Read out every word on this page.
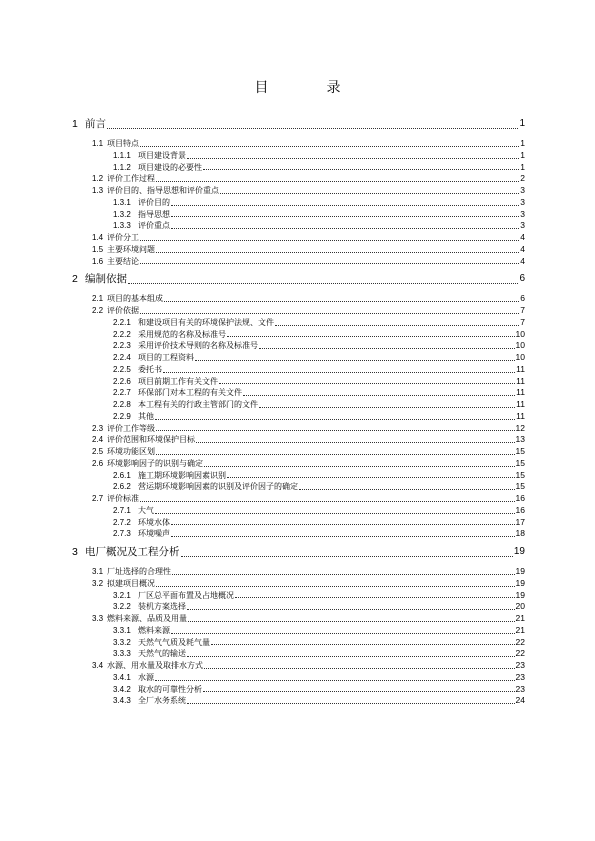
目　录
1 前言	1
1.1 项目特点	1
1.1.1 项目建设背景	1
1.1.2 项目建设的必要性	1
1.2 评价工作过程	2
1.3 评价目的、指导思想和评价重点	3
1.3.1 评价目的	3
1.3.2 指导思想	3
1.3.3 评价重点	3
1.4 评价分工	4
1.5 主要环境问题	4
1.6 主要结论	4
2 编制依据	6
2.1 项目的基本组成	6
2.2 评价依据	7
2.2.1 和建设项目有关的环境保护法规、文件	7
2.2.2 采用规范的名称及标准号	10
2.2.3 采用评价技术导则的名称及标准号	10
2.2.4 项目的工程资料	10
2.2.5 委托书	11
2.2.6 项目前期工作有关文件	11
2.2.7 环保部门对本工程的有关文件	11
2.2.8 本工程有关的行政主管部门的文件	11
2.2.9 其他	11
2.3 评价工作等级	12
2.4 评价范围和环境保护目标	13
2.5 环境功能区划	15
2.6 环境影响因子的识别与确定	15
2.6.1 施工期环境影响因素识别	15
2.6.2 营运期环境影响因素的识别及评价因子的确定	15
2.7 评价标准	16
2.7.1 大气	16
2.7.2 环境水体	17
2.7.3 环境噪声	18
3 电厂概况及工程分析	19
3.1 厂址选择的合理性	19
3.2 拟建项目概况	19
3.2.1 厂区总平面布置及占地概况	19
3.2.2 装机方案选择	20
3.3 燃料来源、品质及用量	21
3.3.1 燃料来源	21
3.3.2 天然气气质及耗气量	22
3.3.3 天然气的输送	22
3.4 水源、用水量及取排水方式	23
3.4.1 水源	23
3.4.2 取水的可靠性分析	23
3.4.3 全厂水务系统	24
